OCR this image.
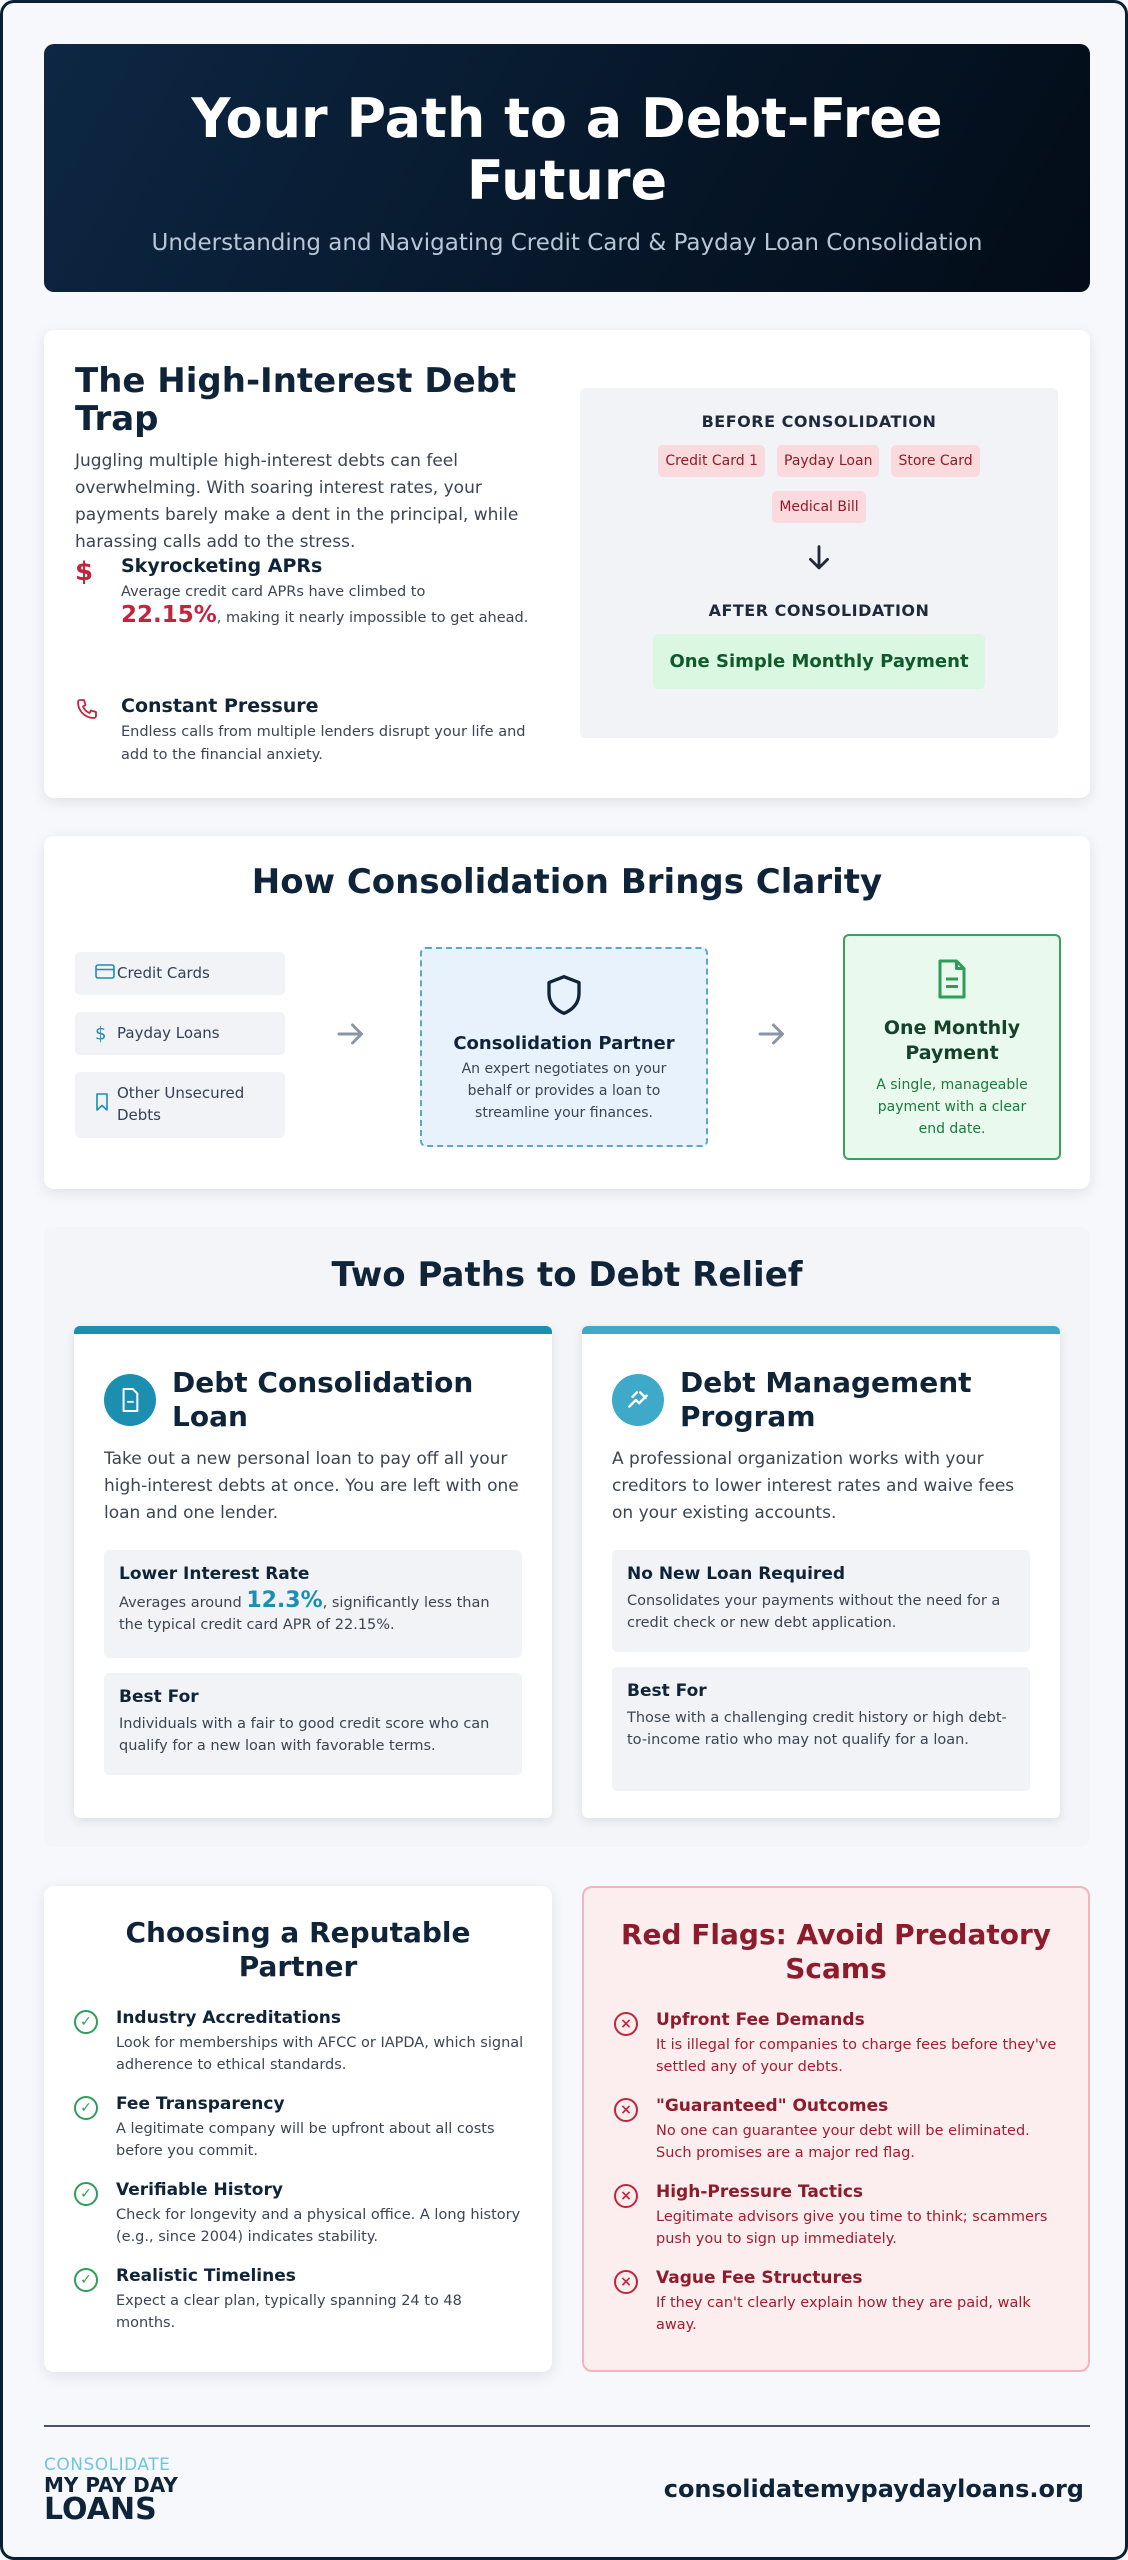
Your Path to a Debt-Free Future

Understanding and Navigating Credit Card & Payday Loan Consolidation

The High-Interest Debt Trap

Juggling multiple high-interest debts can feel overwhelming. With soaring interest rates, your payments barely make a dent in the principal, while harassing calls add to the stress.

$	Skyrocketing APRs

Average credit card APRs have climbed to
22.15%, making it nearly impossible to get ahead.

Constant Pressure

Endless calls from multiple lenders disrupt your life and add to the financial anxiety.

BEFORE CONSOLIDATION
Credit Card 1 Payday Loan Store Card
Medical Bill
AFTER CONSOLIDATION
One Simple Monthly Payment
How Consolidation Brings Clarity
Credit Cards
$ Payday Loans
Other Unsecured Debts
Consolidation Partner

An expert negotiates on your behalf or provides a loan to streamline your finances.

One Monthly Payment

A single, manageable payment with a clear end date.

Two Paths to Debt Relief
Debt Consolidation Loan

Take out a new personal loan to pay off all your high-interest debts at once. You are left with one loan and one lender.

Lower Interest Rate

Averages around 12.3%, significantly less than the typical credit card APR of 22.15%.

Best For

Individuals with a fair to good credit score who can qualify for a new loan with favorable terms.

Debt Management Program

A professional organization works with your creditors to lower interest rates and waive fees on your existing accounts.

No New Loan Required

Consolidates your payments without the need for a credit check or new debt application.

Best For

Those with a challenging credit history or high debt-to-income ratio who may not qualify for a loan.

Choosing a Reputable Partner
✓	Industry Accreditations

Look for memberships with AFCC or IAPDA, which signal adherence to ethical standards.

✓	Fee Transparency

A legitimate company will be upfront about all costs before you commit.

✓	Verifiable History

Check for longevity and a physical office. A long history (e.g., since 2004) indicates stability.

✓	Realistic Timelines

Expect a clear plan, typically spanning 24 to 48 months.

Red Flags: Avoid Predatory Scams
×	Upfront Fee Demands

It is illegal for companies to charge fees before they've settled any of your debts.

×	"Guaranteed" Outcomes

No one can guarantee your debt will be eliminated. Such promises are a major red flag.

×	High-Pressure Tactics

Legitimate advisors give you time to think; scammers push you to sign up immediately.

×	Vague Fee Structures

If they can't clearly explain how they are paid, walk away.

CONSOLIDATE
MY PAY DAY
LOANS
consolidatemypaydayloans.org
